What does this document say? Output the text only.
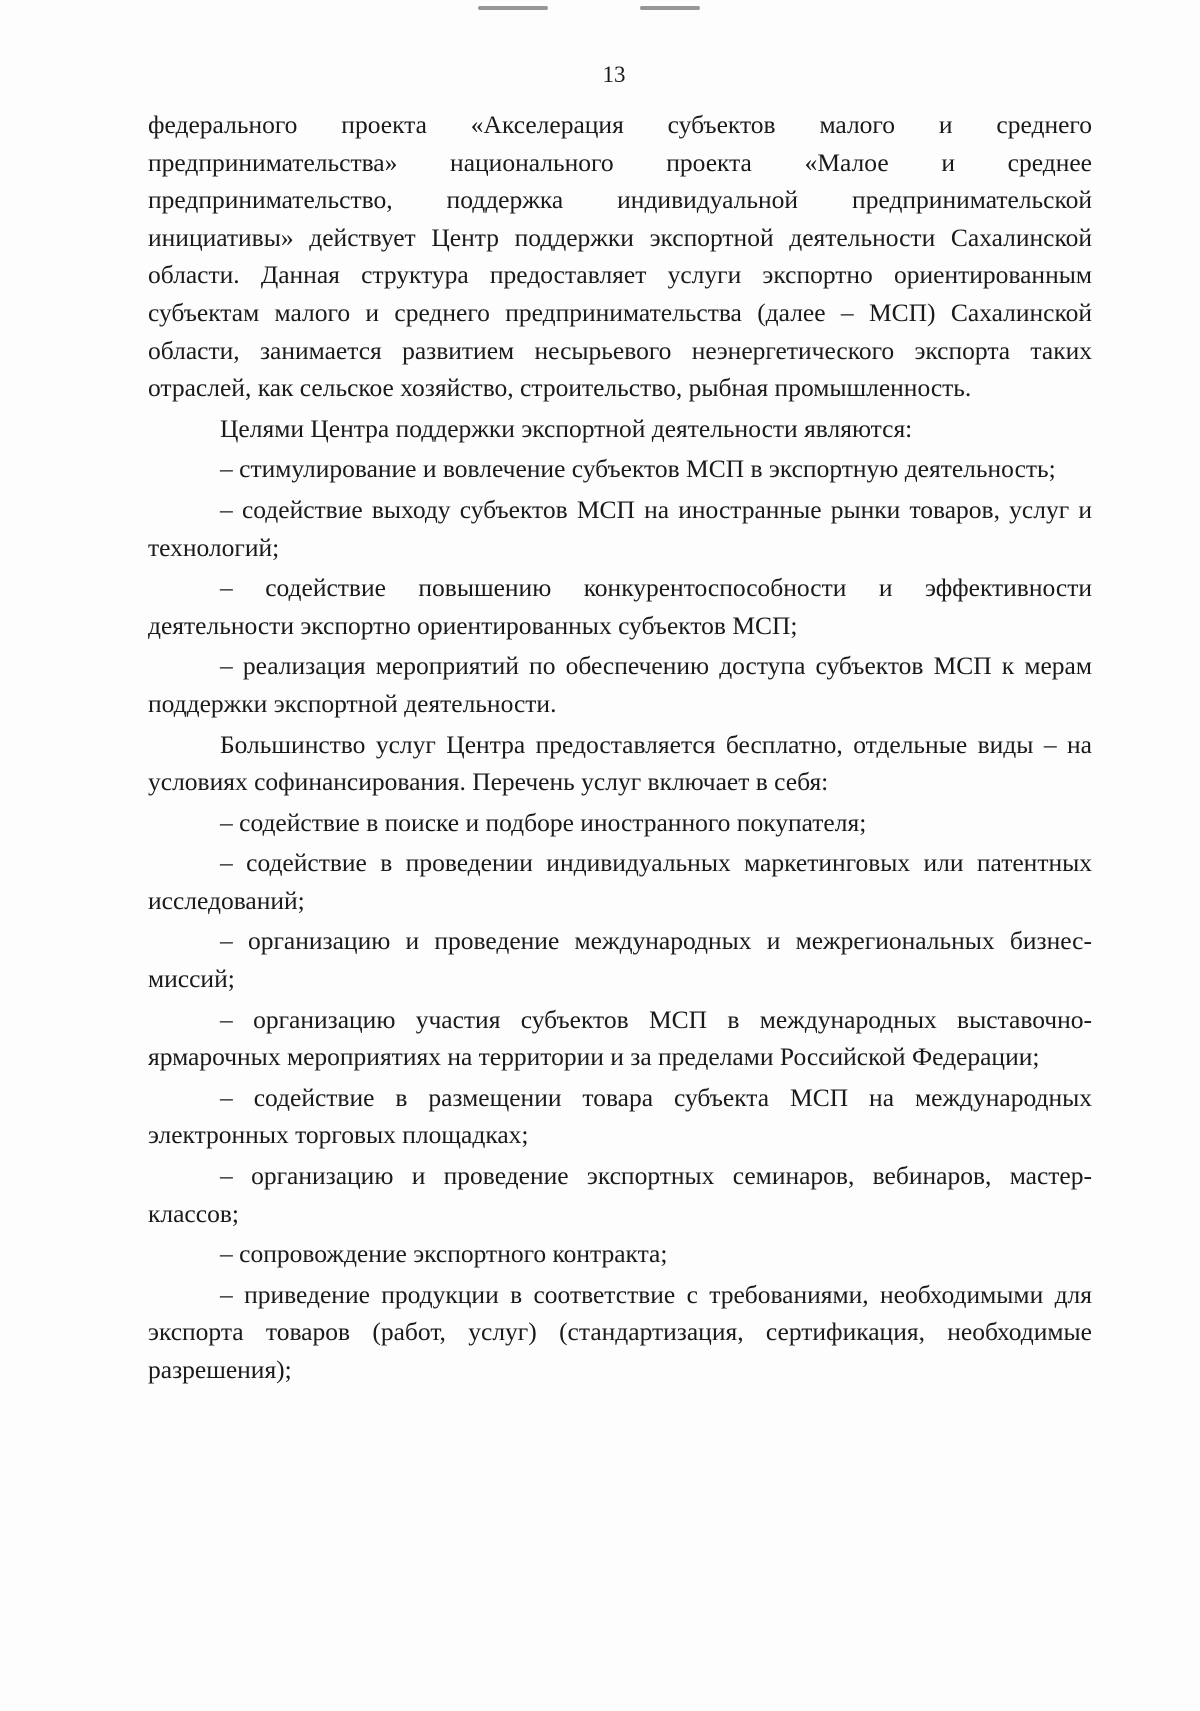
13

федерального проекта «Акселерация субъектов малого и среднего предпринимательства» национального проекта «Малое и среднее предпринимательство, поддержка индивидуальной предпринимательской инициативы» действует Центр поддержки экспортной деятельности Сахалинской области. Данная структура предоставляет услуги экспортно ориентированным субъектам малого и среднего предпринимательства (далее – МСП) Сахалинской области, занимается развитием несырьевого неэнергетического экспорта таких отраслей, как сельское хозяйство, строительство, рыбная промышленность.

Целями Центра поддержки экспортной деятельности являются:

– стимулирование и вовлечение субъектов МСП в экспортную деятельность;

– содействие выходу субъектов МСП на иностранные рынки товаров, услуг и технологий;

– содействие повышению конкурентоспособности и эффективности деятельности экспортно ориентированных субъектов МСП;

– реализация мероприятий по обеспечению доступа субъектов МСП к мерам поддержки экспортной деятельности.

Большинство услуг Центра предоставляется бесплатно, отдельные виды – на условиях софинансирования. Перечень услуг включает в себя:

– содействие в поиске и подборе иностранного покупателя;

– содействие в проведении индивидуальных маркетинговых или патентных исследований;

– организацию и проведение международных и межрегиональных бизнес-миссий;

– организацию участия субъектов МСП в международных выставочно-ярмарочных мероприятиях на территории и за пределами Российской Федерации;

– содействие в размещении товара субъекта МСП на международных электронных торговых площадках;

– организацию и проведение экспортных семинаров, вебинаров, мастер-классов;

– сопровождение экспортного контракта;

– приведение продукции в соответствие с требованиями, необходимыми для экспорта товаров (работ, услуг) (стандартизация, сертификация, необходимые разрешения);
